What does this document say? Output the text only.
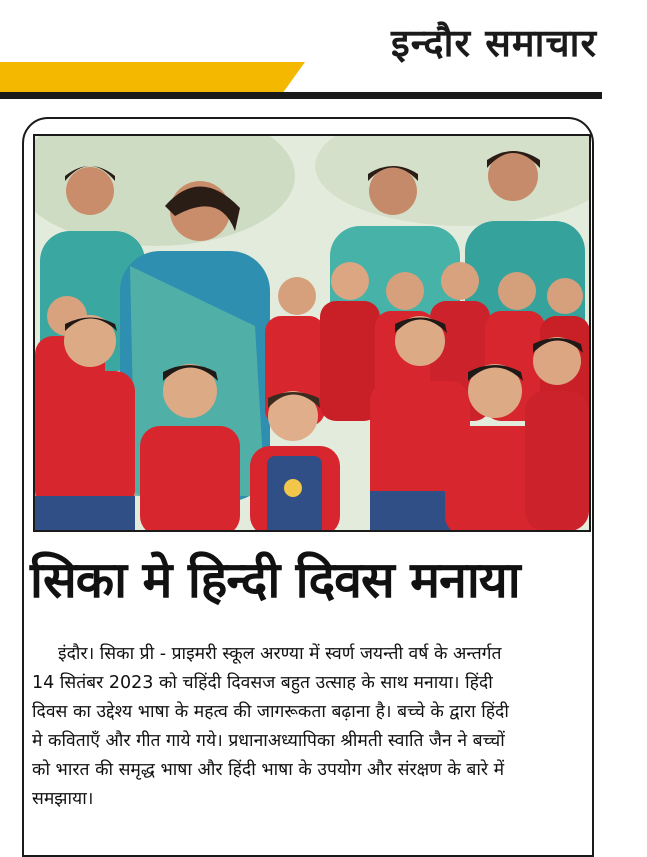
इन्दौर समाचार
सिका मे हिन्दी दिवस मनाया
इंदौर। सिका प्री - प्राइमरी स्कूल अरण्या में स्वर्ण जयन्ती वर्ष के अन्तर्गत
14 सितंबर 2023 को चहिंदी दिवसज बहुत उत्साह के साथ मनाया। हिंदी
दिवस का उद्देश्य भाषा के महत्व की जागरूकता बढ़ाना है। बच्चे के द्वारा हिंदी
मे कविताएँ और गीत गाये गये। प्रधानाअध्यापिका श्रीमती स्वाति जैन ने बच्चों
को भारत की समृद्ध भाषा और हिंदी भाषा के उपयोग और संरक्षण के बारे में
समझाया।
